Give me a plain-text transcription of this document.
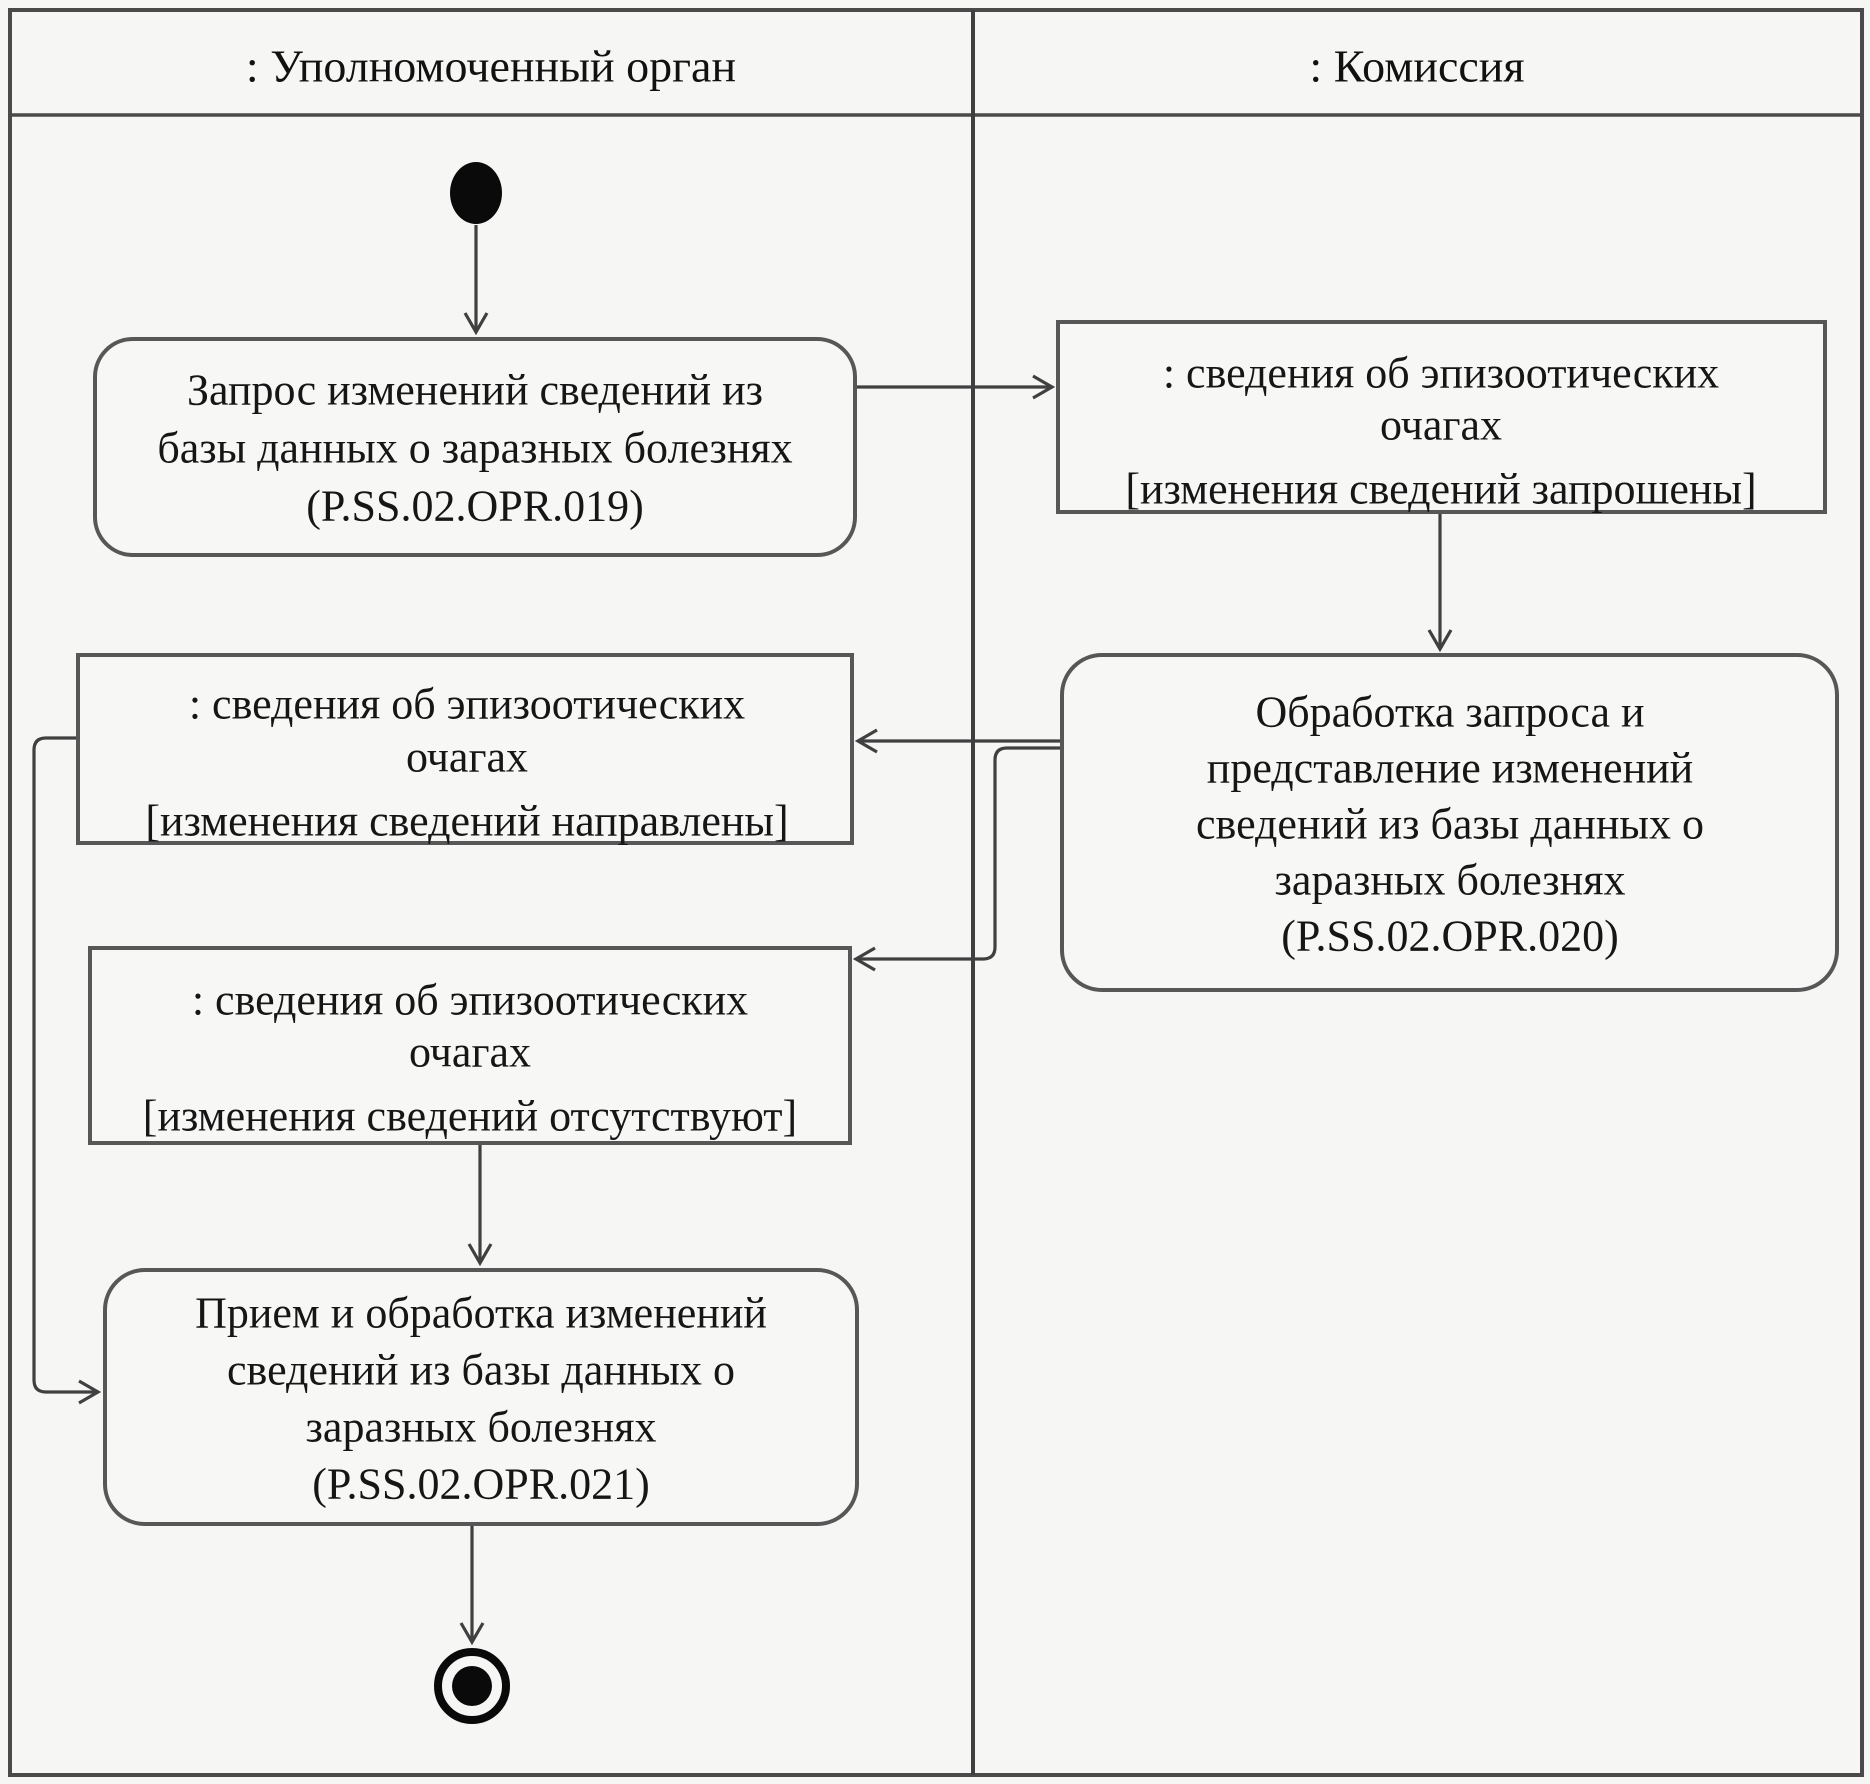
: Уполномоченный орган	: Комиссия
Запрос изменений сведений из
базы данных о заразных болезнях
(P.SS.02.OPR.019)
: сведения об эпизоотических
очагах
[изменения сведений запрошены]
Обработка запроса и
представление изменений
сведений из базы данных о
заразных болезнях
(P.SS.02.OPR.020)
: сведения об эпизоотических
очагах
[изменения сведений направлены]
: сведения об эпизоотических
очагах
[изменения сведений отсутствуют]
Прием и обработка изменений
сведений из базы данных о
заразных болезнях
(P.SS.02.OPR.021)
